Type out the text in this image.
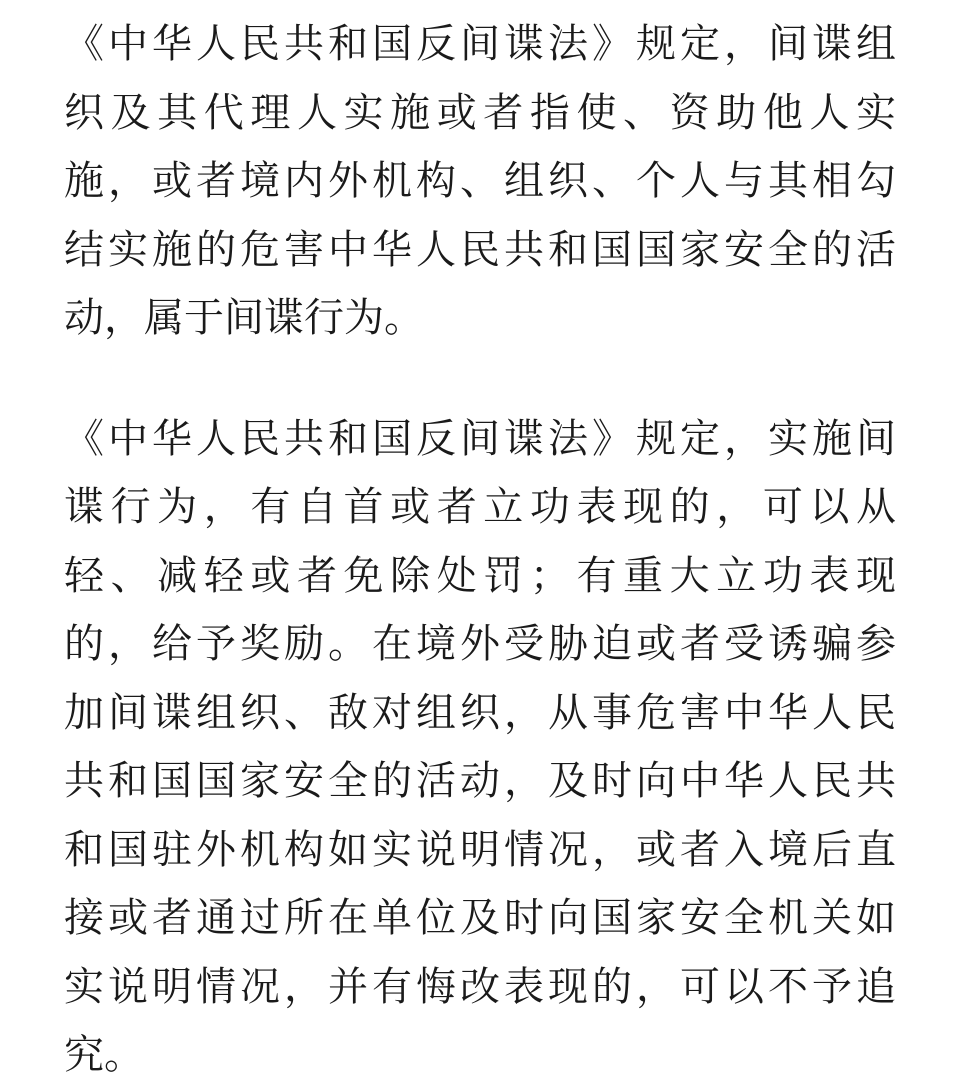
《中华人民共和国反间谍法》规定，间谍组
织及其代理人实施或者指使、资助他人实
施，或者境内外机构、组织、个人与其相勾
结实施的危害中华人民共和国国家安全的活
动，属于间谍行为。
《中华人民共和国反间谍法》规定，实施间
谍行为，有自首或者立功表现的，可以从
轻、减轻或者免除处罚；有重大立功表现
的，给予奖励。在境外受胁迫或者受诱骗参
加间谍组织、敌对组织，从事危害中华人民
共和国国家安全的活动，及时向中华人民共
和国驻外机构如实说明情况，或者入境后直
接或者通过所在单位及时向国家安全机关如
实说明情况，并有悔改表现的，可以不予追
究。
